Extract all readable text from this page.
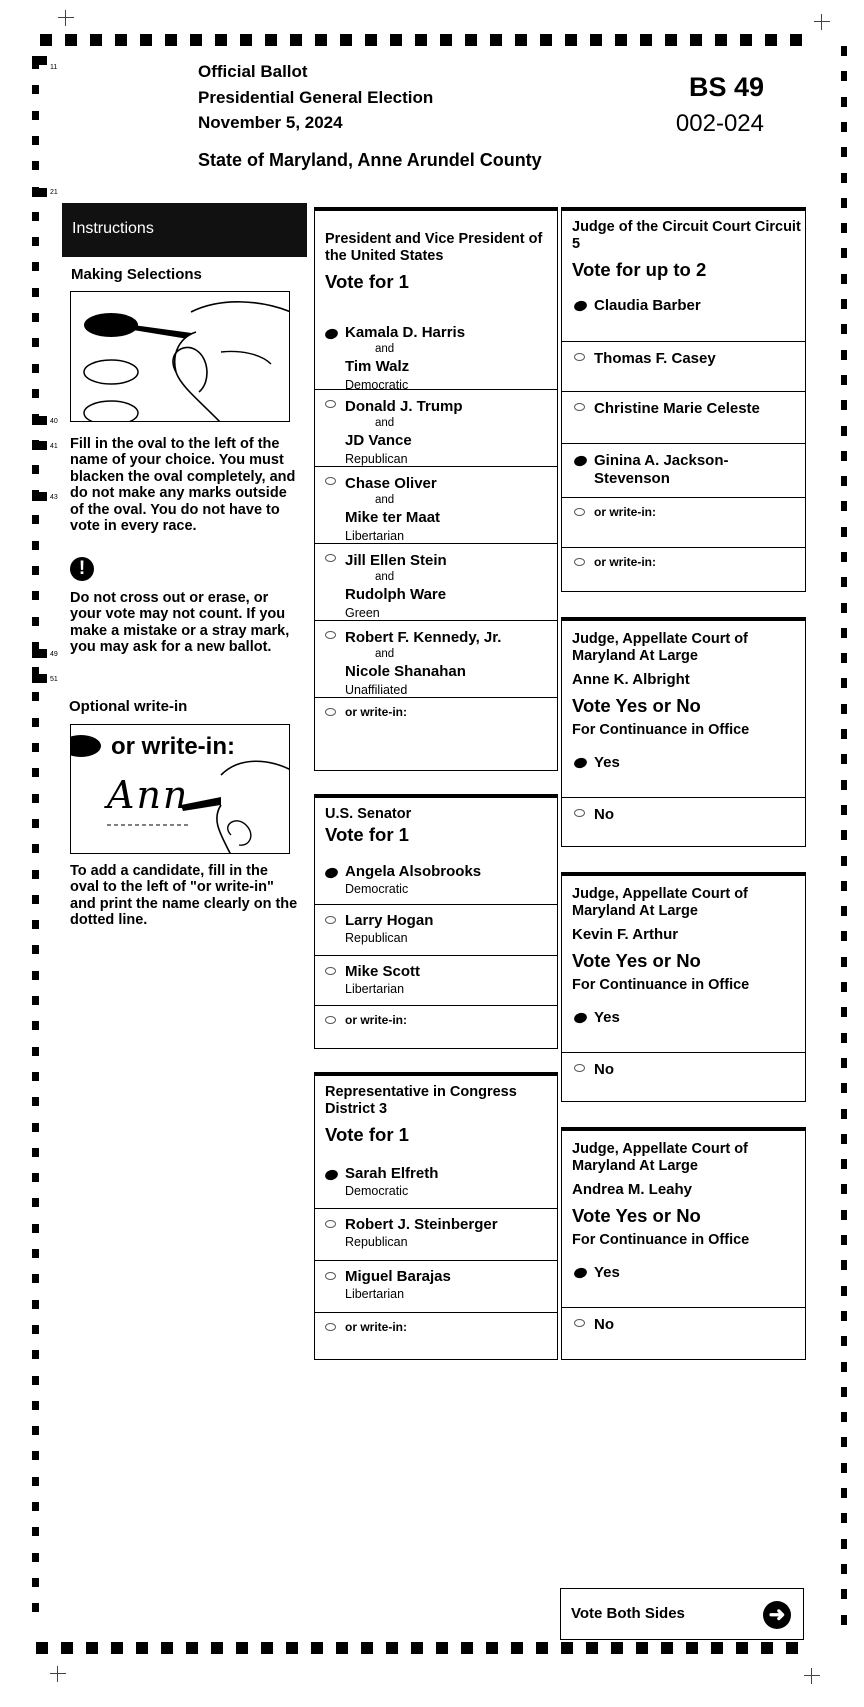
11
21
40
41
43
49
51
Official Ballot
Presidential General Election
November 5, 2024
BS 49
002-024
State of Maryland, Anne Arundel County
Instructions
Making Selections
Fill in the oval to the left of the name of your choice. You must blacken the oval completely, and do not make any marks outside of the oval. You do not have to vote in every race.
!
Do not cross out or erase, or your vote may not count. If you make a mistake or a stray mark, you may ask for a new ballot.
Optional write-in
or write-in:
Ann
To add a candidate, fill in the oval to the left of "or write-in" and print the name clearly on the dotted line.
President and Vice President of the United States
Vote for 1
Kamala D. Harris
and
Tim Walz
Democratic
Donald J. Trump
and
JD Vance
Republican
Chase Oliver
and
Mike ter Maat
Libertarian
Jill Ellen Stein
and
Rudolph Ware
Green
Robert F. Kennedy, Jr.
and
Nicole Shanahan
Unaffiliated
or write-in:
U.S. Senator
Vote for 1
Angela Alsobrooks
Democratic
Larry Hogan
Republican
Mike Scott
Libertarian
or write-in:
Representative in Congress District 3
Vote for 1
Sarah Elfreth
Democratic
Robert J. Steinberger
Republican
Miguel Barajas
Libertarian
or write-in:
Judge of the Circuit Court Circuit 5
Vote for up to 2
Claudia Barber
Thomas F. Casey
Christine Marie Celeste
Ginina A. Jackson-Stevenson
or write-in:
or write-in:
Judge, Appellate Court of Maryland At Large
Anne K. Albright
Vote Yes or No
For Continuance in Office
Yes
No
Judge, Appellate Court of Maryland At Large
Kevin F. Arthur
Vote Yes or No
For Continuance in Office
Yes
No
Judge, Appellate Court of Maryland At Large
Andrea M. Leahy
Vote Yes or No
For Continuance in Office
Yes
No
Vote Both Sides	➜
